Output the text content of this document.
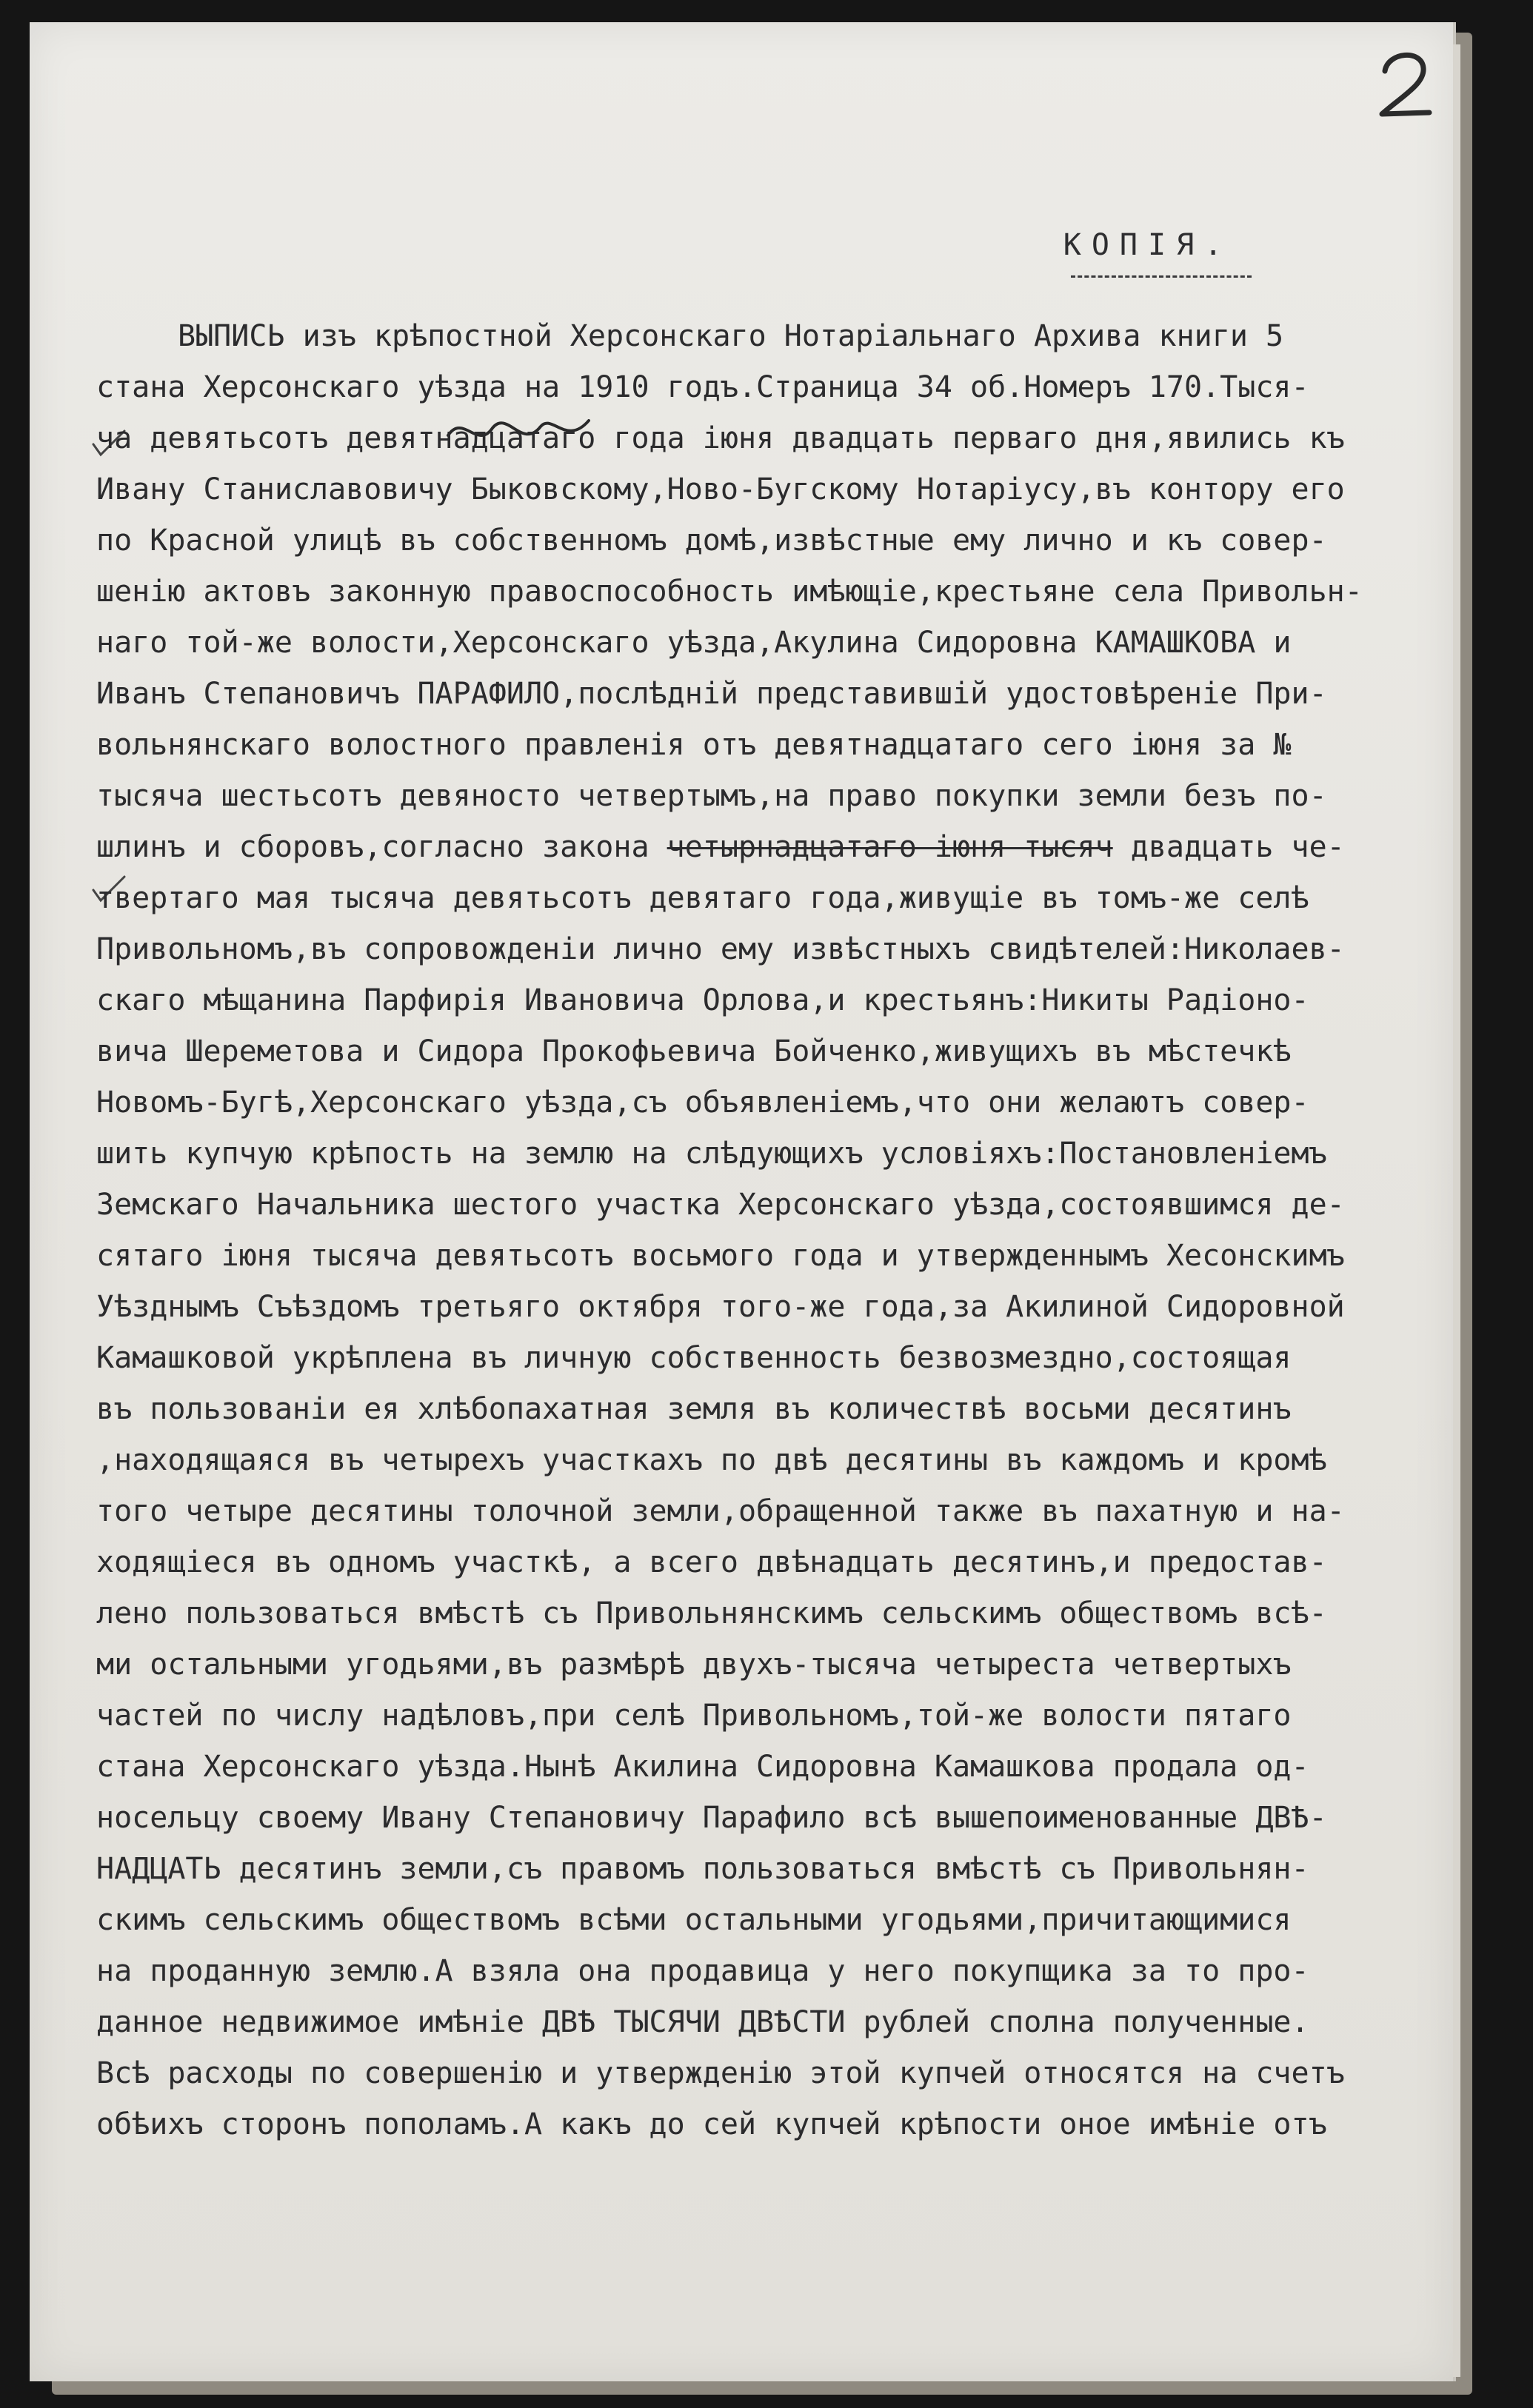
КОПІЯ.
ВЫПИСЬ изъ крѣпостной Херсонскаго Нотаріальнаго Архива книги 5
стана Херсонскаго уѣзда на 1910 годъ.Страница 34 об.Номеръ 170.Тыся-
ча девятьсотъ девятнадцатаго года іюня двадцать перваго дня,явились къ
Ивану Станиславовичу Быковскому,Ново-Бугскому Нотаріусу,въ контору его
по Красной улицѣ въ собственномъ домѣ,извѣстные ему лично и къ совер-
шенію актовъ законную правоспособность имѣющіе,крестьяне села Привольн-
наго той-же волости,Херсонскаго уѣзда,Акулина Сидоровна КАМАШКОВА и
Иванъ Степановичъ ПАРАФИЛО,послѣдній представившій удостовѣреніе При-
вольнянскаго волостного правленія отъ девятнадцатаго сего іюня за №
тысяча шестьсотъ девяносто четвертымъ,на право покупки земли безъ по-
шлинъ и сборовъ,согласно закона четырнадцатаго іюня тысяч двадцать че-
твертаго мая тысяча девятьсотъ девятаго года,живущіе въ томъ-же селѣ
Привольномъ,въ сопровожденіи лично ему извѣстныхъ свидѣтелей:Николаев-
скаго мѣщанина Парфирія Ивановича Орлова,и крестьянъ:Никиты Радіоно-
вича Шереметова и Сидора Прокофьевича Бойченко,живущихъ въ мѣстечкѣ
Новомъ-Бугѣ,Херсонскаго уѣзда,съ объявленіемъ,что они желаютъ совер-
шить купчую крѣпость на землю на слѣдующихъ условіяхъ:Постановленіемъ
Земскаго Начальника шестого участка Херсонскаго уѣзда,состоявшимся де-
сятаго іюня тысяча девятьсотъ восьмого года и утвержденнымъ Хесонскимъ
Уѣзднымъ Съѣздомъ третьяго октября того-же года,за Акилиной Сидоровной
Камашковой укрѣплена въ личную собственность безвозмездно,состоящая
въ пользованіи ея хлѣбопахатная земля въ количествѣ восьми десятинъ
,находящаяся въ четырехъ участкахъ по двѣ десятины въ каждомъ и кромѣ
того четыре десятины толочной земли,обращенной также въ пахатную и на-
ходящіеся въ одномъ участкѣ, а всего двѣнадцать десятинъ,и предостав-
лено пользоваться вмѣстѣ съ Привольнянскимъ сельскимъ обществомъ всѣ-
ми остальными угодьями,въ размѣрѣ двухъ-тысяча четыреста четвертыхъ
частей по числу надѣловъ,при селѣ Привольномъ,той-же волости пятаго
стана Херсонскаго уѣзда.Нынѣ Акилина Сидоровна Камашкова продала од-
носельцу своему Ивану Степановичу Парафило всѣ вышепоименованные ДВѢ-
НАДЦАТЬ десятинъ земли,съ правомъ пользоваться вмѣстѣ съ Привольнян-
скимъ сельскимъ обществомъ всѣми остальными угодьями,причитающимися
на проданную землю.А взяла она продавица у него покупщика за то про-
данное недвижимое имѣніе ДВѢ ТЫСЯЧИ ДВѢСТИ рублей сполна полученные.
Всѣ расходы по совершенію и утвержденію этой купчей относятся на счетъ
обѣихъ сторонъ пополамъ.А какъ до сей купчей крѣпости оное имѣніе отъ
